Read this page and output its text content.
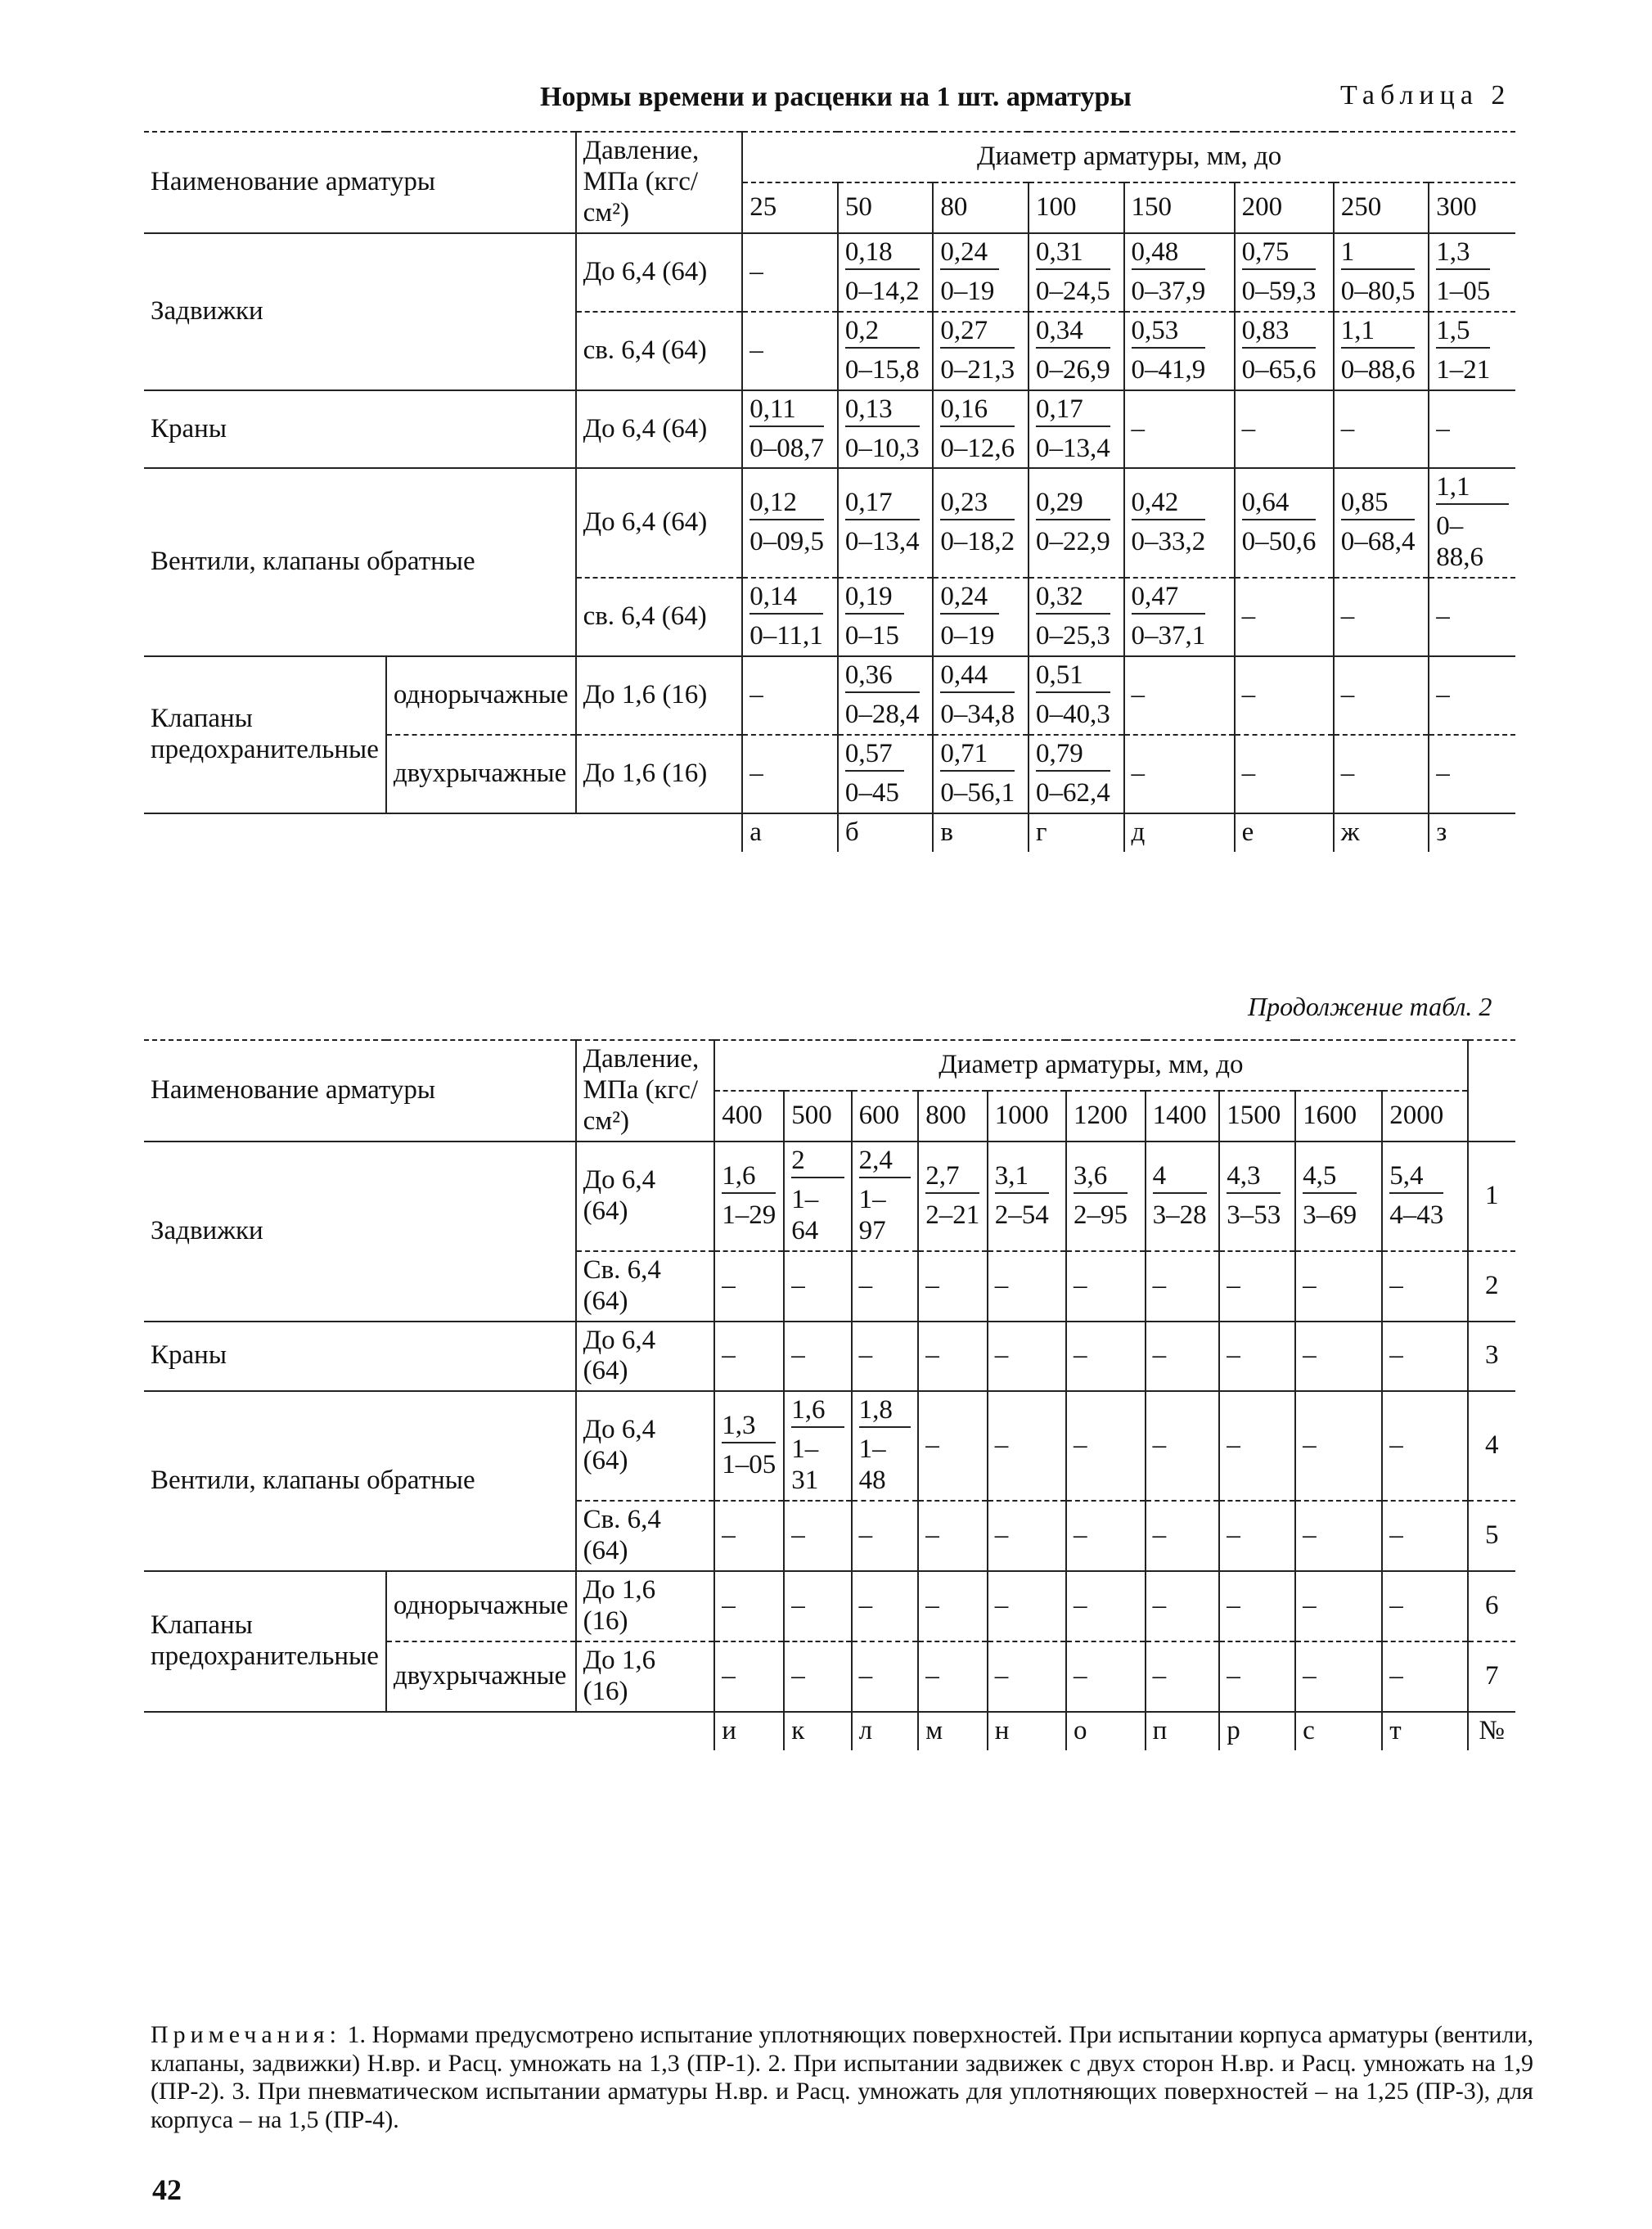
Нормы времени и расценки на 1 шт. арматуры	Таблица 2
Наименование арматуры		Давление, МПа (кгс/см²)	Диаметр арматуры, мм, до							
			25	50	80	100	150	200	250	300
Задвижки		До 6,4 (64)	–	$\frac{0,18}{0-14,2}$	$\frac{0,24}{0-19}$	$\frac{0,31}{0-24,5}$	$\frac{0,48}{0-37,9}$	$\frac{0,75}{0-59,3}$	$\frac{1}{0-80,5}$	$\frac{1,3}{1-05}$

		св. 6,4 (64)	–	$\frac{0,2}{0-15,8}$	$\frac{0,27}{0-21,3}$	$\frac{0,34}{0-26,9}$	$\frac{0,53}{0-41,9}$	$\frac{0,83}{0-65,6}$	$\frac{1,1}{0-88,6}$	$\frac{1,5}{1-21}$

Краны		До 6,4 (64)	$\frac{0,11}{0-08,7}$	$\frac{0,13}{0-10,3}$	$\frac{0,16}{0-12,6}$	$\frac{0,17}{0-13,4}$	–	–	–	–
Вентили, клапаны обратные		До 6,4 (64)	$\frac{0,12}{0-09,5}$	$\frac{0,17}{0-13,4}$	$\frac{0,23}{0-18,2}$	$\frac{0,29}{0-22,9}$	$\frac{0,42}{0-33,2}$	$\frac{0,64}{0-50,6}$	$\frac{0,85}{0-68,4}$	$\frac{1,1}{0-88,6}$

		св. 6,4 (64)	$\frac{0,14}{0-11,1}$	$\frac{0,19}{0-15}$	$\frac{0,24}{0-19}$	$\frac{0,32}{0-25,3}$	$\frac{0,47}{0-37,1}$	–	–	–
Клапаны предохранительные	однорычажные	До 1,6 (16)	–	$\frac{0,36}{0-28,4}$	$\frac{0,44}{0-34,8}$	$\frac{0,51}{0-40,3}$	–	–	–	–
	двухрычажные	До 1,6 (16)	–	$\frac{0,57}{0-45}$	$\frac{0,71}{0-56,1}$	$\frac{0,79}{0-62,4}$	–	–	–	–
			а	б	в	г	д	е	ж	з
Продолжение табл. 2
Наименование арматуры		Давление, МПа (кгс/см²)	Диаметр арматуры, мм, до										
			400	500	600	800	1000	1200	1400	1500	1600	2000	
Задвижки		До 6,4 (64)	$\frac{1,6}{1-29}$	$\frac{2}{1-64}$	$\frac{2,4}{1-97}$	$\frac{2,7}{2-21}$	$\frac{3,1}{2-54}$	$\frac{3,6}{2-95}$	$\frac{4}{3-28}$	$\frac{4,3}{3-53}$	$\frac{4,5}{3-69}$	$\frac{5,4}{4-43}$	1
		Св. 6,4 (64)	–	–	–	–	–	–	–	–	–	–	2
Краны		До 6,4 (64)	–	–	–	–	–	–	–	–	–	–	3
Вентили, клапаны обратные		До 6,4 (64)	$\frac{1,3}{1-05}$	$\frac{1,6}{1-31}$	$\frac{1,8}{1-48}$	–	–	–	–	–	–	–	4
		Св. 6,4 (64)	–	–	–	–	–	–	–	–	–	–	5
Клапаны предохранительные	однорычажные	До 1,6 (16)	–	–	–	–	–	–	–	–	–	–	6
	двухрычажные	До 1,6 (16)	–	–	–	–	–	–	–	–	–	–	7
			и	к	л	м	н	о	п	р	с	т	№
Примечания: 1. Нормами предусмотрено испытание уплотняющих поверхностей. При испытании корпуса арматуры (вентили, клапаны, задвижки) Н.вр. и Расц. умножать на 1,3 (ПР-1). 2. При испытании задвижек с двух сторон Н.вр. и Расц. умножать на 1,9 (ПР-2). 3. При пневматическом испытании арматуры Н.вр. и Расц. умножать для уплотняющих поверхностей – на 1,25 (ПР-3), для корпуса – на 1,5 (ПР-4).
42
